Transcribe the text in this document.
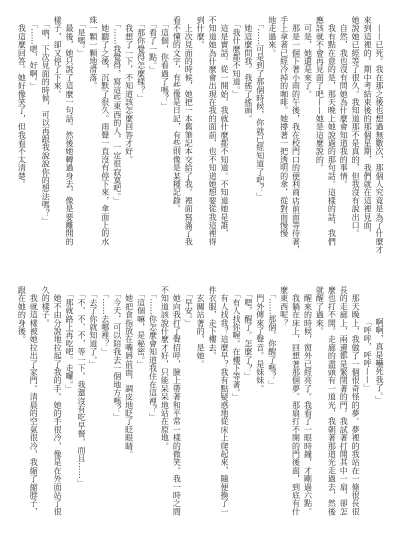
　——已死。我在那之後也想過無數次，那個人究竟是為了什麼才
來到這裡的。期中考結束後的那個星期，我們就在這裡見面，
她說她已經等了很久。我知道那不是真的，但我沒有說出口。
　自然，我也沒有問她為什麼會知道我的事情。
　我有點在意的是，那天晚上她說過的那句話。這樣的話，我們
應該就不會再見面了吧——她是這麼說的。
　可是，她還是來了。
　那是一個下著小雨的午後，我在校門口的便利商店前面等待著，
手上拿著已經冷掉的咖啡。她撐著一把透明的傘，從對面慢慢
地走過來。
　「……可是到了那個時候，你就已經知道了吧？」
　她這麼問我。我搖了搖頭。
　「我什麼都不知道。」
　這是實話。從一開始，我就什麼都不知道。不知道她是誰，
不知道她為什麼會出現在我的面前，也不知道她想要從我這裡得
到什麼。
　上次見面的時候，她把一本舊筆記本交給了我。裡面寫滿了我
看不懂的文字，有些像是日記，有些則像是某種記錄。
　「這個，你看過了嗎？」
　「看了一點。」
　「那你覺得怎麼樣？」
　我想了一下，不知道該怎麼回答才好。
　「……我覺得，寫這些東西的人，一定很寂寞吧。」
　她聽了之後，沉默了很久。雨聲一直沒有停下來，傘面上的水
珠一顆一顆地滑落。
　「是嗎。」
　最後，她只說了這麼一句話。然後她轉過身去，像是要離開的
樣子，卻又停了下來。
　「吶，下次見面的時候，可以再跟我說說你的想法嗎？」
　「……嗯，好啊。」
　我這麼回答。她好像笑了，但我看不太清楚。
啊啊，真是嚇死我了。」
「呼呼，呼呼——」
　那天晚上，我做了一個很奇怪的夢。夢裡的我站在一條很長很
長的走廊上，兩邊都是緊閉著的門。我試著打開其中一扇，卻怎
麼也打不開。走廊的盡頭有一道光，我朝著那道光走過去，然後
就醒了過來。
　醒來的時候，窗外已經亮了。我看了一眼時鐘，才剛過六點。
　我躺在床上，回想著那個夢。那扇打不開的門後面，到底有什
麼東西呢？
　「……那個，你醒了嗎？」
　門外傳來了聲音。是妹妹。
　「嗯，醒了。怎麼了？」
　「有人找你喔。在樓下等著。」
　有人找我？這麼早？我有點疑惑地從床上爬起來，隨便換了一
件衣服，走下樓去。
　玄關站著的，是她。
　「早安。」
　她向我打了聲招呼，臉上帶著和平常一樣的微笑。我一時之間
不知道該說什麼才好，只能呆呆地站在原地。
　「……你怎麼會知道我住在這裡？」
　「這個嘛，是秘密。」
　她把食指放在嘴唇前面，調皮地眨了眨眼睛。
　「今天，可以陪我去一個地方嗎？」
　「……去哪裡？」
　「去了你就知道了。」
　「不、不、不，等一下，我還沒有吃早餐，而且……」
　「那就路上再吃吧。走囉。」
　她不由分說地拉起了我的手。她的手很冷，像是在外面站了很
久的樣子。
　我就這樣被她拉出了家門。清晨的空氣很冷，我縮了縮脖子，
跟在她的身後。
